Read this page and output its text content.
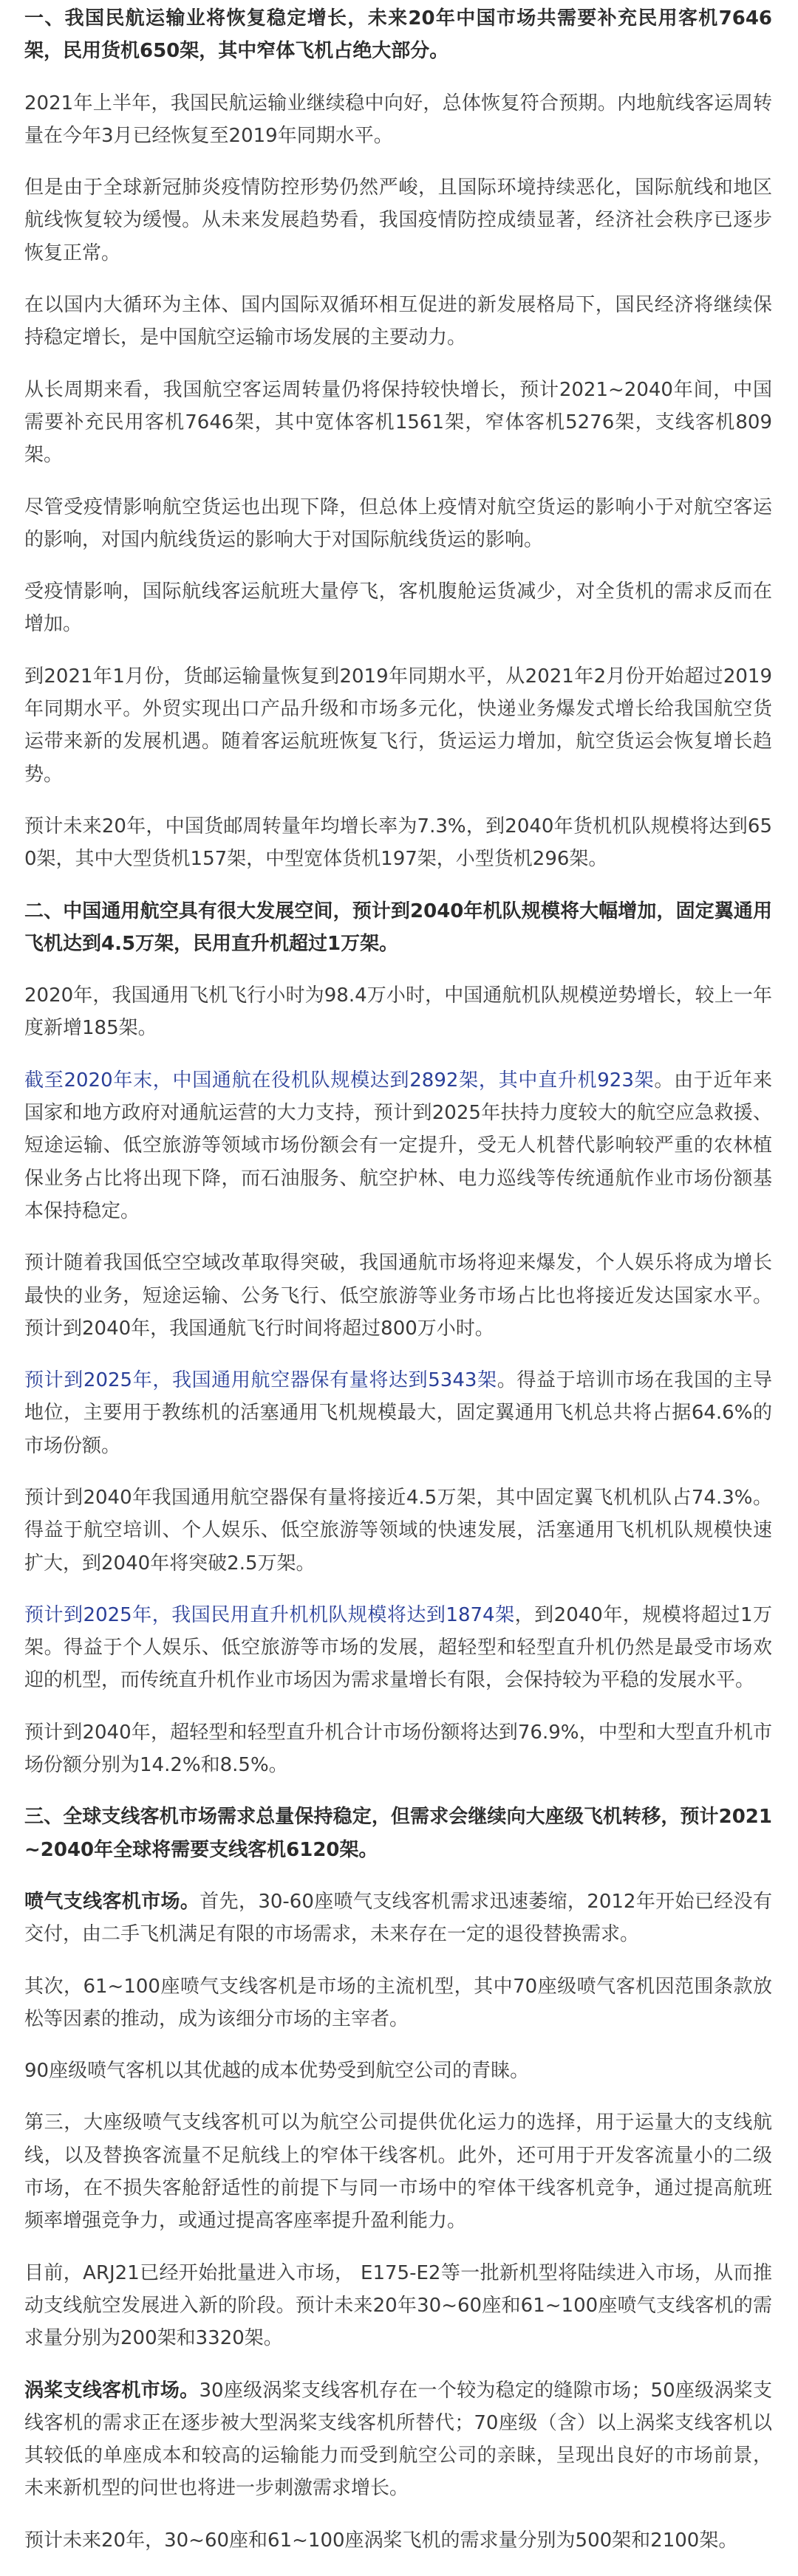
一、我国民航运输业将恢复稳定增长，未来20年中国市场共需要补充民用客机7646架，民用货机650架，其中窄体飞机占绝大部分。

2021年上半年，我国民航运输业继续稳中向好，总体恢复符合预期。内地航线客运周转量在今年3月已经恢复至2019年同期水平。

但是由于全球新冠肺炎疫情防控形势仍然严峻，且国际环境持续恶化，国际航线和地区航线恢复较为缓慢。从未来发展趋势看，我国疫情防控成绩显著，经济社会秩序已逐步恢复正常。

在以国内大循环为主体、国内国际双循环相互促进的新发展格局下，国民经济将继续保持稳定增长，是中国航空运输市场发展的主要动力。

从长周期来看，我国航空客运周转量仍将保持较快增长，预计2021~2040年间，中国需要补充民用客机7646架，其中宽体客机1561架，窄体客机5276架，支线客机809架。

尽管受疫情影响航空货运也出现下降，但总体上疫情对航空货运的影响小于对航空客运的影响，对国内航线货运的影响大于对国际航线货运的影响。

受疫情影响，国际航线客运航班大量停飞，客机腹舱运货减少，对全货机的需求反而在增加。

到2021年1月份，货邮运输量恢复到2019年同期水平，从2021年2月份开始超过2019年同期水平。外贸实现出口产品升级和市场多元化，快递业务爆发式增长给我国航空货运带来新的发展机遇。随着客运航班恢复飞行，货运运力增加，航空货运会恢复增长趋势。

预计未来20年，中国货邮周转量年均增长率为7.3%，到2040年货机机队规模将达到650架，其中大型货机157架，中型宽体货机197架，小型货机296架。

二、中国通用航空具有很大发展空间，预计到2040年机队规模将大幅增加，固定翼通用飞机达到4.5万架，民用直升机超过1万架。

2020年，我国通用飞机飞行小时为98.4万小时，中国通航机队规模逆势增长，较上一年度新增185架。

截至2020年末，中国通航在役机队规模达到2892架，其中直升机923架。由于近年来国家和地方政府对通航运营的大力支持，预计到2025年扶持力度较大的航空应急救援、短途运输、低空旅游等领域市场份额会有一定提升，受无人机替代影响较严重的农林植保业务占比将出现下降，而石油服务、航空护林、电力巡线等传统通航作业市场份额基本保持稳定。

预计随着我国低空空域改革取得突破，我国通航市场将迎来爆发，个人娱乐将成为增长最快的业务，短途运输、公务飞行、低空旅游等业务市场占比也将接近发达国家水平。预计到2040年，我国通航飞行时间将超过800万小时。

预计到2025年，我国通用航空器保有量将达到5343架。得益于培训市场在我国的主导地位，主要用于教练机的活塞通用飞机规模最大，固定翼通用飞机总共将占据64.6%的市场份额。

预计到2040年我国通用航空器保有量将接近4.5万架，其中固定翼飞机机队占74.3%。得益于航空培训、个人娱乐、低空旅游等领域的快速发展，活塞通用飞机机队规模快速扩大，到2040年将突破2.5万架。

预计到2025年，我国民用直升机机队规模将达到1874架，到2040年，规模将超过1万架。得益于个人娱乐、低空旅游等市场的发展，超轻型和轻型直升机仍然是最受市场欢迎的机型，而传统直升机作业市场因为需求量增长有限，会保持较为平稳的发展水平。

预计到2040年，超轻型和轻型直升机合计市场份额将达到76.9%，中型和大型直升机市场份额分别为14.2%和8.5%。

三、全球支线客机市场需求总量保持稳定，但需求会继续向大座级飞机转移，预计2021~2040年全球将需要支线客机6120架。

喷气支线客机市场。首先，30-60座喷气支线客机需求迅速萎缩，2012年开始已经没有交付，由二手飞机满足有限的市场需求，未来存在一定的退役替换需求。

其次，61~100座喷气支线客机是市场的主流机型，其中70座级喷气客机因范围条款放松等因素的推动，成为该细分市场的主宰者。

90座级喷气客机以其优越的成本优势受到航空公司的青睐。

第三，大座级喷气支线客机可以为航空公司提供优化运力的选择，用于运量大的支线航线，以及替换客流量不足航线上的窄体干线客机。此外，还可用于开发客流量小的二级市场，在不损失客舱舒适性的前提下与同一市场中的窄体干线客机竞争，通过提高航班频率增强竞争力，或通过提高客座率提升盈利能力。

目前，ARJ21已经开始批量进入市场， E175-E2等一批新机型将陆续进入市场，从而推动支线航空发展进入新的阶段。预计未来20年30~60座和61~100座喷气支线客机的需求量分别为200架和3320架。

涡桨支线客机市场。30座级涡桨支线客机存在一个较为稳定的缝隙市场；50座级涡桨支线客机的需求正在逐步被大型涡桨支线客机所替代；70座级（含）以上涡桨支线客机以其较低的单座成本和较高的运输能力而受到航空公司的亲睐，呈现出良好的市场前景，未来新机型的问世也将进一步刺激需求增长。

预计未来20年，30~60座和61~100座涡桨飞机的需求量分别为500架和2100架。
